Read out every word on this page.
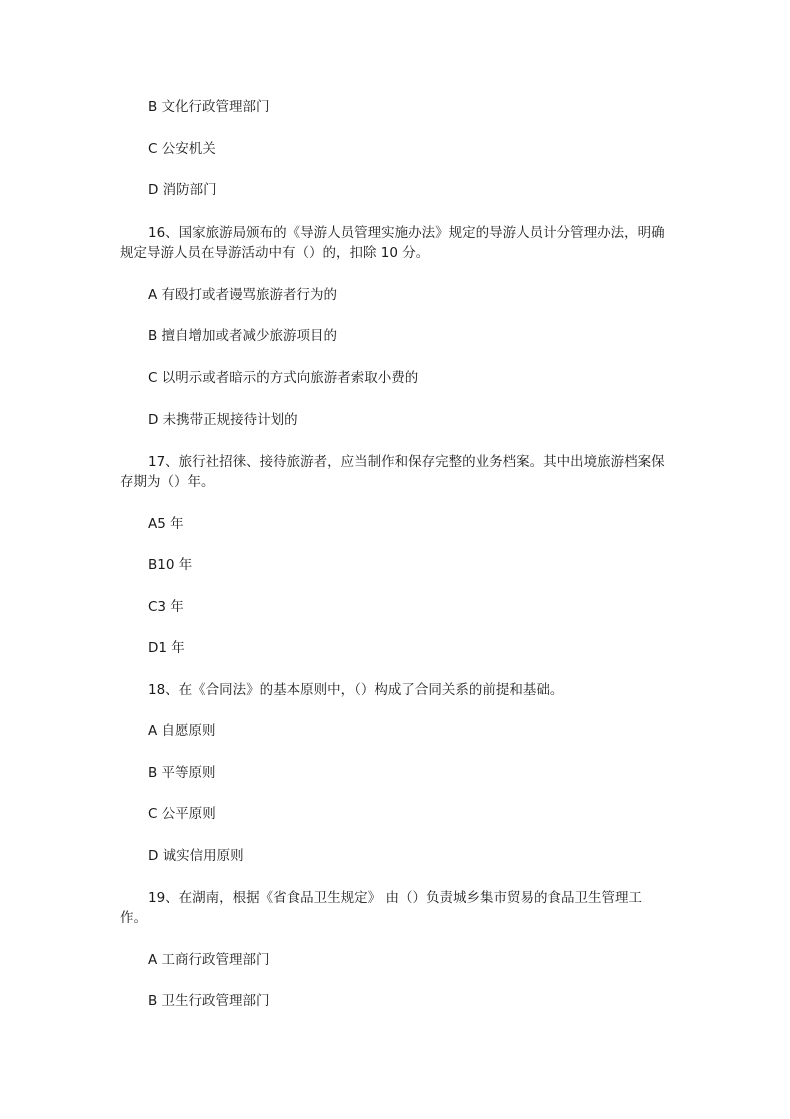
B 文化行政管理部门
C 公安机关
D 消防部门
16、国家旅游局颁布的《导游人员管理实施办法》规定的导游人员计分管理办法，明确规定导游人员在导游活动中有（）的，扣除 10 分。
A 有殴打或者谩骂旅游者行为的
B 擅自增加或者减少旅游项目的
C 以明示或者暗示的方式向旅游者索取小费的
D 未携带正规接待计划的
17、旅行社招徕、接待旅游者，应当制作和保存完整的业务档案。其中出境旅游档案保存期为（）年。
A5 年
B10 年
C3 年
D1 年
18、在《合同法》的基本原则中，（）构成了合同关系的前提和基础。
A 自愿原则
B 平等原则
C 公平原则
D 诚实信用原则
19、在湖南，根据《省食品卫生规定》 由（）负责城乡集市贸易的食品卫生管理工作。
A 工商行政管理部门
B 卫生行政管理部门
